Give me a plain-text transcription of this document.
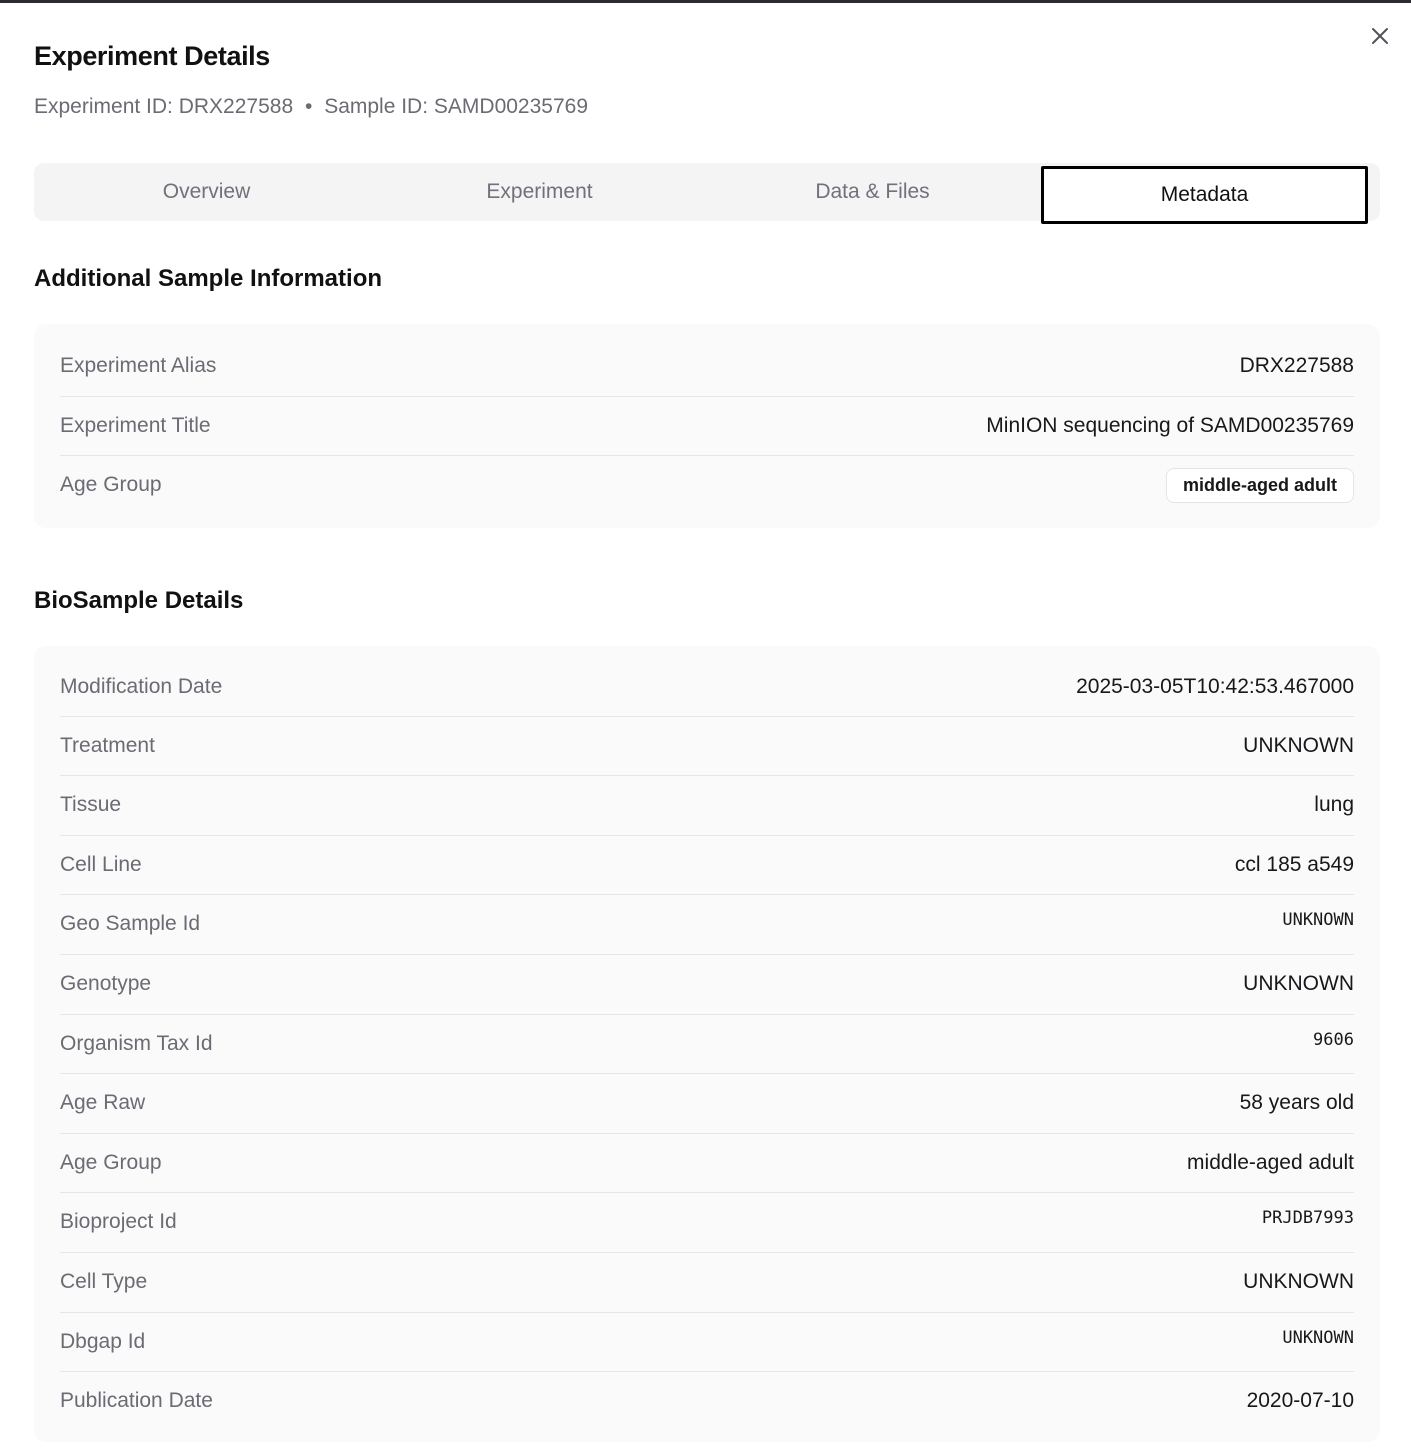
Experiment Details
Experiment ID: DRX227588 • Sample ID: SAMD00235769
Overview	Experiment	Data & Files	Metadata
Additional Sample Information
Experiment Alias	DRX227588
Experiment Title	MinION sequencing of SAMD00235769
Age Group	middle-aged adult
BioSample Details
Modification Date	2025-03-05T10:42:53.467000
Treatment	UNKNOWN
Tissue	lung
Cell Line	ccl 185 a549
Geo Sample Id	UNKNOWN
Genotype	UNKNOWN
Organism Tax Id	9606
Age Raw	58 years old
Age Group	middle-aged adult
Bioproject Id	PRJDB7993
Cell Type	UNKNOWN
Dbgap Id	UNKNOWN
Publication Date	2020-07-10
